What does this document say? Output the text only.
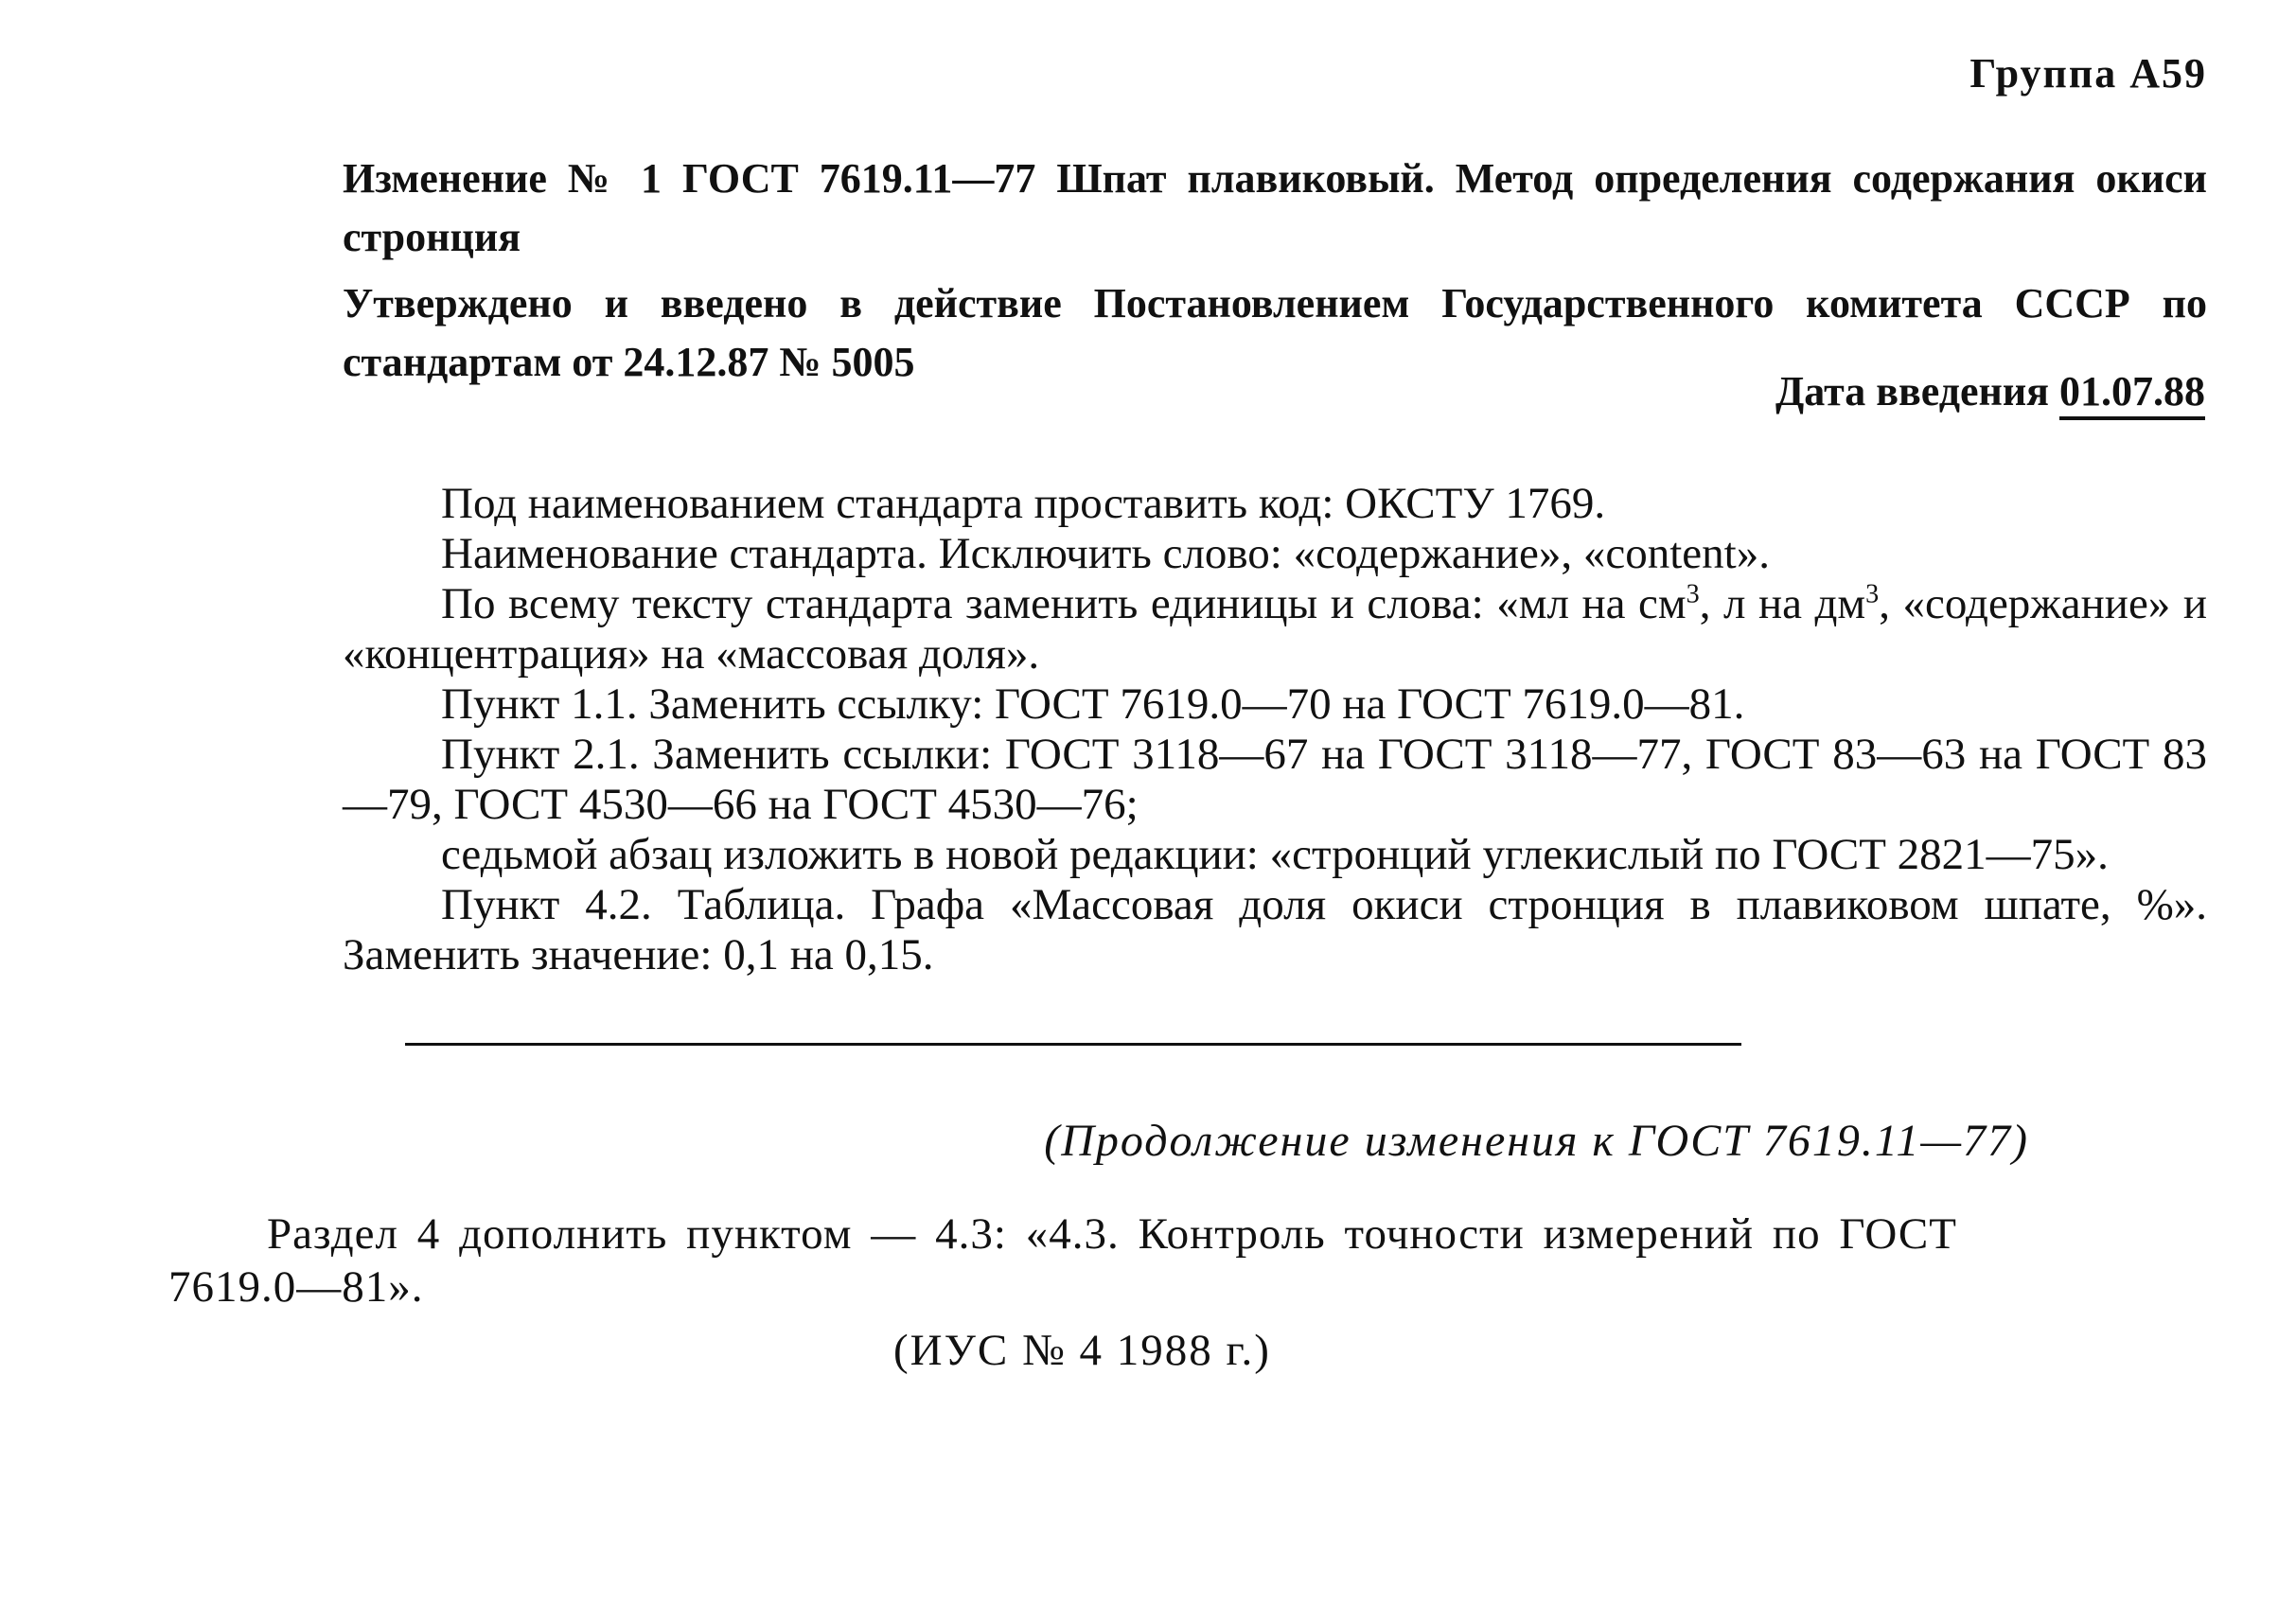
Группа А59
Изменение № 1 ГОСТ 7619.11—77 Шпат плавиковый. Метод определения содержания окиси стронция
Утверждено и введено в действие Постановлением Государственного комитета СССР по стандартам от 24.12.87 № 5005
Дата введения 01.07.88

Под наименованием стандарта проставить код: ОКСТУ 1769.

Наименование стандарта. Исключить слово: «содержание», «content».

По всему тексту стандарта заменить единицы и слова: «мл на $см^3$, л на $дм^3$, «содержание» и «концентрация» на «массовая доля».

Пункт 1.1. Заменить ссылку: ГОСТ 7619.0—70 на ГОСТ 7619.0—81.

Пункт 2.1. Заменить ссылки: ГОСТ 3118—67 на ГОСТ 3118—77, ГОСТ 83—63 на ГОСТ 83—79, ГОСТ 4530—66 на ГОСТ 4530—76;

седьмой абзац изложить в новой редакции: «стронций углекислый по ГОСТ 2821—75».

Пункт 4.2. Таблица. Графа «Массовая доля окиси стронция в плавиковом шпате, %». Заменить значение: 0,1 на 0,15.

(Продолжение изменения к ГОСТ 7619.11—77)

Раздел 4 дополнить пунктом — 4.3: «4.3. Контроль точности измерений по ГОСТ 7619.0—81».

(ИУС № 4 1988 г.)
